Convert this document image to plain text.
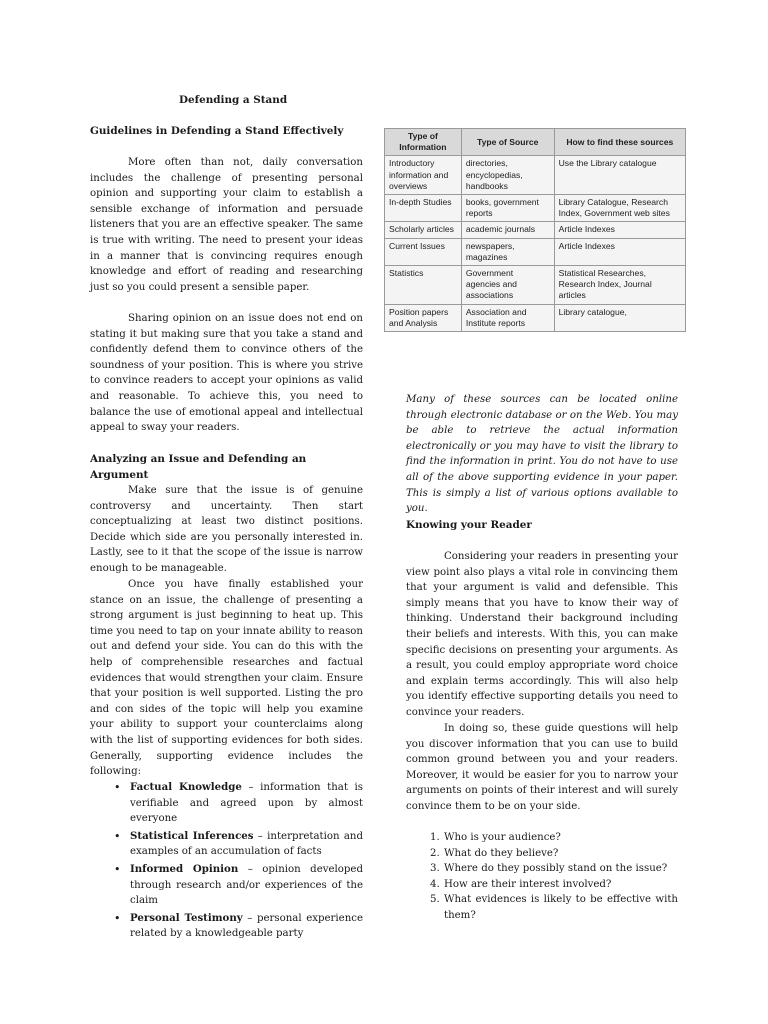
Defending a Stand
Guidelines in Defending a Stand Effectively

More often than not, daily conversation includes the challenge of presenting personal opinion and supporting your claim to establish a sensible exchange of information and persuade listeners that you are an effective speaker. The same is true with writing. The need to present your ideas in a manner that is convincing requires enough knowledge and effort of reading and researching just so you could present a sensible paper.

Sharing opinion on an issue does not end on stating it but making sure that you take a stand and confidently defend them to convince others of the soundness of your position. This is where you strive to convince readers to accept your opinions as valid and reasonable. To achieve this, you need to balance the use of emotional appeal and intellectual appeal to sway your readers.

Analyzing an Issue and Defending an Argument

Make sure that the issue is of genuine controversy and uncertainty. Then start conceptualizing at least two distinct positions. Decide which side are you personally interested in. Lastly, see to it that the scope of the issue is narrow enough to be manageable.

Once you have finally established your stance on an issue, the challenge of presenting a strong argument is just beginning to heat up. This time you need to tap on your innate ability to reason out and defend your side. You can do this with the help of comprehensible researches and factual evidences that would strengthen your claim. Ensure that your position is well supported. Listing the pro and con sides of the topic will help you examine your ability to support your counterclaims along with the list of supporting evidences for both sides. Generally, supporting evidence includes the following:

• Factual Knowledge – information that is verifiable and agreed upon by almost everyone
• Statistical Inferences – interpretation and examples of an accumulation of facts
• Informed Opinion – opinion developed through research and/or experiences of the claim
• Personal Testimony – personal experience related by a knowledgeable party
Type of Information	Type of Source	How to find these sources
Introductory information and overviews	directories, encyclopedias, handbooks	Use the Library catalogue
In-depth Studies	books, government reports	Library Catalogue, Research Index, Government web sites
Scholarly articles	academic journals	Article Indexes
Current Issues	newspapers, magazines	Article Indexes
Statistics	Government agencies and associations	Statistical Researches, Research Index, Journal articles
Position papers and Analysis	Association and Institute reports	Library catalogue,

Many of these sources can be located online through electronic database or on the Web. You may be able to retrieve the actual information electronically or you may have to visit the library to find the information in print. You do not have to use all of the above supporting evidence in your paper. This is simply a list of various options available to you.

Knowing your Reader

Considering your readers in presenting your view point also plays a vital role in convincing them that your argument is valid and defensible. This simply means that you have to know their way of thinking. Understand their background including their beliefs and interests. With this, you can make specific decisions on presenting your arguments. As a result, you could employ appropriate word choice and explain terms accordingly. This will also help you identify effective supporting details you need to convince your readers.

In doing so, these guide questions will help you discover information that you can use to build common ground between you and your readers. Moreover, it would be easier for you to narrow your arguments on points of their interest and will surely convince them to be on your side.

1. Who is your audience?
2. What do they believe?
3. Where do they possibly stand on the issue?
4. How are their interest involved?
5. What evidences is likely to be effective with them?
